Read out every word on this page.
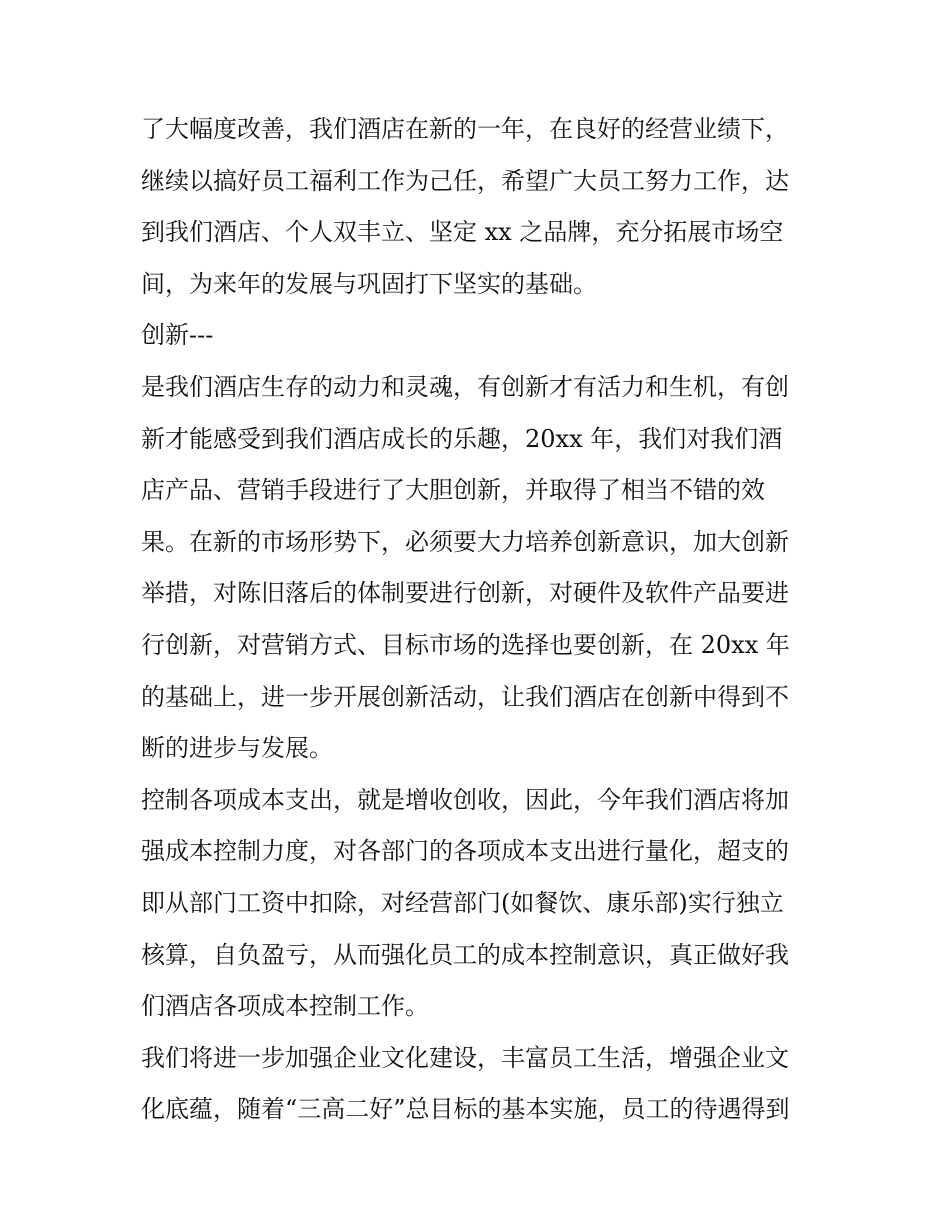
了大幅度改善，我们酒店在新的一年，在良好的经营业绩下，

继续以搞好员工福利工作为己任，希望广大员工努力工作，达

到我们酒店、个人双丰立、坚定 xx 之品牌，充分拓展市场空

间，为来年的发展与巩固打下坚实的基础。

创新---

是我们酒店生存的动力和灵魂，有创新才有活力和生机，有创

新才能感受到我们酒店成长的乐趣，20xx 年，我们对我们酒

店产品、营销手段进行了大胆创新，并取得了相当不错的效

果。在新的市场形势下，必须要大力培养创新意识，加大创新

举措，对陈旧落后的体制要进行创新，对硬件及软件产品要进

行创新，对营销方式、目标市场的选择也要创新，在 20xx 年

的基础上，进一步开展创新活动，让我们酒店在创新中得到不

断的进步与发展。

控制各项成本支出，就是增收创收，因此，今年我们酒店将加

强成本控制力度，对各部门的各项成本支出进行量化，超支的

即从部门工资中扣除，对经营部门(如餐饮、康乐部)实行独立

核算，自负盈亏，从而强化员工的成本控制意识，真正做好我

们酒店各项成本控制工作。

我们将进一步加强企业文化建设，丰富员工生活，增强企业文

化底蕴，随着“三高二好”总目标的基本实施，员工的待遇得到
